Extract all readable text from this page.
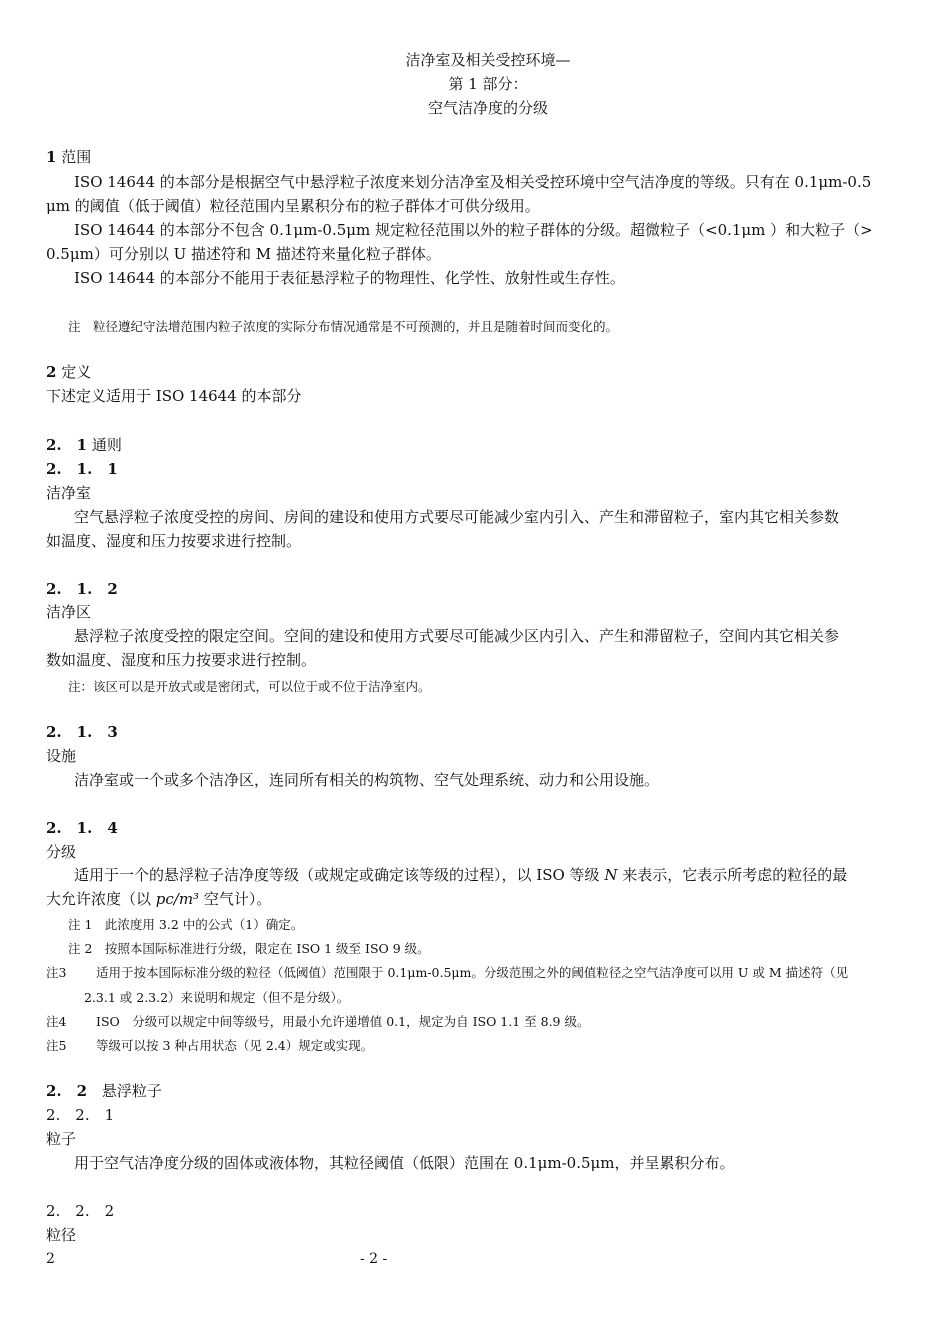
洁净室及相关受控环境—
第 1 部分：
空气洁净度的分级
1 范围
ISO 14644 的本部分是根据空气中悬浮粒子浓度来划分洁净室及相关受控环境中空气洁净度的等级。只有在 0.1μm-0.5
μm 的阈值（低于阈值）粒径范围内呈累积分布的粒子群体才可供分级用。
ISO 14644 的本部分不包含 0.1μm-0.5μm 规定粒径范围以外的粒子群体的分级。超微粒子（<0.1μm ）和大粒子（>
0.5μm）可分别以 U 描述符和 M 描述符来量化粒子群体。
ISO 14644 的本部分不能用于表征悬浮粒子的物理性、化学性、放射性或生存性。
注　粒径遵纪守法增范围内粒子浓度的实际分布情况通常是不可预测的，并且是随着时间而变化的。
2 定义
下述定义适用于 ISO 14644 的本部分
2.　1 通则
2.　1.　1
洁净室
空气悬浮粒子浓度受控的房间、房间的建设和使用方式要尽可能减少室内引入、产生和滞留粒子，室内其它相关参数
如温度、湿度和压力按要求进行控制。
2.　1.　2
洁净区
悬浮粒子浓度受控的限定空间。空间的建设和使用方式要尽可能减少区内引入、产生和滞留粒子，空间内其它相关参
数如温度、湿度和压力按要求进行控制。
注：该区可以是开放式或是密闭式，可以位于或不位于洁净室内。
2.　1.　3
设施
洁净室或一个或多个洁净区，连同所有相关的构筑物、空气处理系统、动力和公用设施。
2.　1.　4
分级
适用于一个的悬浮粒子洁净度等级（或规定或确定该等级的过程），以 ISO 等级 N 来表示，它表示所考虑的粒径的最
大允许浓度（以 pc/m³ 空气计）。
注 1　此浓度用 3.2 中的公式（1）确定。
注 2　按照本国际标准进行分级，限定在 ISO 1 级至 ISO 9 级。
注3 适用于按本国际标准分级的粒径（低阈值）范围限于 0.1μm-0.5μm。分级范围之外的阈值粒径之空气洁净度可以用 U 或 M 描述符（见
2.3.1 或 2.3.2）来说明和规定（但不是分级）。
注4 ISO　分级可以规定中间等级号，用最小允许递增值 0.1，规定为自 ISO 1.1 至 8.9 级。
注5 等级可以按 3 种占用状态（见 2.4）规定或实现。
2.　2 悬浮粒子
2.　2.　1
粒子
用于空气洁净度分级的固体或液体物，其粒径阈值（低限）范围在 0.1μm-0.5μm，并呈累积分布。
2.　2.　2
粒径
2	- 2 -
